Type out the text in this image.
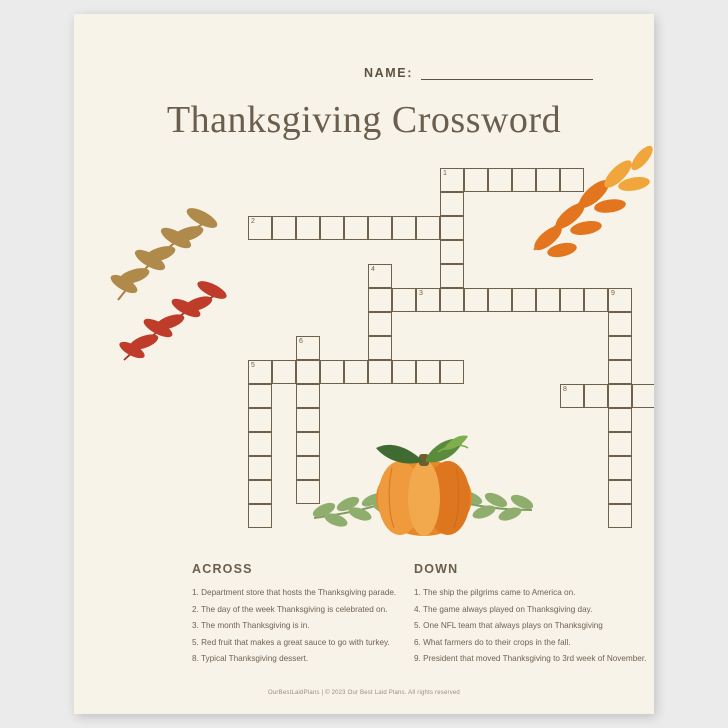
NAME:
Thanksgiving Crossword
1
2
4
3	9
6
5
8
ACROSS
1. Department store that hosts the Thanksgiving parade.
2. The day of the week Thanksgiving is celebrated on.
3. The month Thanksgiving is in.
5. Red fruit that makes a great sauce to go with turkey.
8. Typical Thanksgiving dessert.
DOWN
1. The ship the pilgrims came to America on.
4. The game always played on Thanksgiving day.
5. One NFL team that always plays on Thanksgiving
6. What farmers do to their crops in the fall.
9. President that moved Thanksgiving to 3rd week of November.
OurBestLaidPlans | © 2023 Our Best Laid Plans. All rights reserved
